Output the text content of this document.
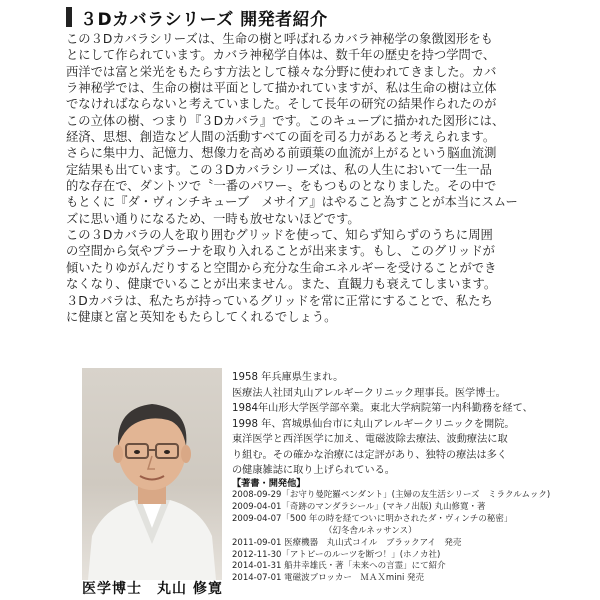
３Dカバラシリーズ 開発者紹介

この３Dカバラシリーズは、生命の樹と呼ばれるカバラ神秘学の象徴図形をも

とにして作られています。カバラ神秘学自体は、数千年の歴史を持つ学問で、

西洋では富と栄光をもたらす方法として様々な分野に使われてきました。カバ

ラ神秘学では、生命の樹は平面として描かれていますが、私は生命の樹は立体

でなければならないと考えていました。そして長年の研究の結果作られたのが

この立体の樹、つまり『３Dカバラ』です。このキューブに描かれた図形には、

経済、思想、創造など人間の活動すべての面を司る力があると考えられます。

さらに集中力、記憶力、想像力を高める前頭葉の血流が上がるという脳血流測

定結果も出ています。この３Dカバラシリーズは、私の人生において一生一品

的な存在で、ダントツで〝一番のパワー〟をもつものとなりました。その中で

もとくに『ダ・ヴィンチキューブ　メサイア』はやること為すことが本当にスムー

ズに思い通りになるため、一時も放せないほどです。

この３Dカバラの人を取り囲むグリッドを使って、知らず知らずのうちに周囲

の空間から気やプラーナを取り入れることが出来ます。もし、このグリッドが

傾いたりゆがんだりすると空間から充分な生命エネルギーを受けることができ

なくなり、健康でいることが出来ません。また、直観力も衰えてしまいます。

３Dカバラは、私たちが持っているグリッドを常に正常にすることで、私たち

に健康と富と英知をもたらしてくれるでしょう。

医学博士　丸山 修寛

1958 年兵庫県生まれ。

医療法人社団丸山アレルギークリニック理事長。医学博士。

1984年山形大学医学部卒業。東北大学病院第一内科勤務を経て、

1998 年、宮城県仙台市に丸山アレルギークリニックを開院。

東洋医学と西洋医学に加え、電磁波除去療法、波動療法に取

り組む。その確かな治療には定評があり、独特の療法は多く

の健康雑誌に取り上げられている。

【著書・開発他】

2008-09-29「お守り曼陀羅ペンダント」(主婦の友生活シリーズ　ミラクルムック)

2009-04-01「奇跡のマンダラシール」(マキノ出版) 丸山修寛・著

2009-04-07「500 年の時を経てついに明かされたダ・ヴィンチの秘密」

（幻冬舎ルネッサンス）

2011-09-01 医療機器　丸山式コイル　ブラックアイ　発売

2012-11-30「アトピーのルーツを断つ！」(ホノカ社)

2014-01-31 船井幸雄氏・著「未来への言霊」にて紹介

2014-07-01 電磁波ブロッカー　ＭＡＸmini 発売
